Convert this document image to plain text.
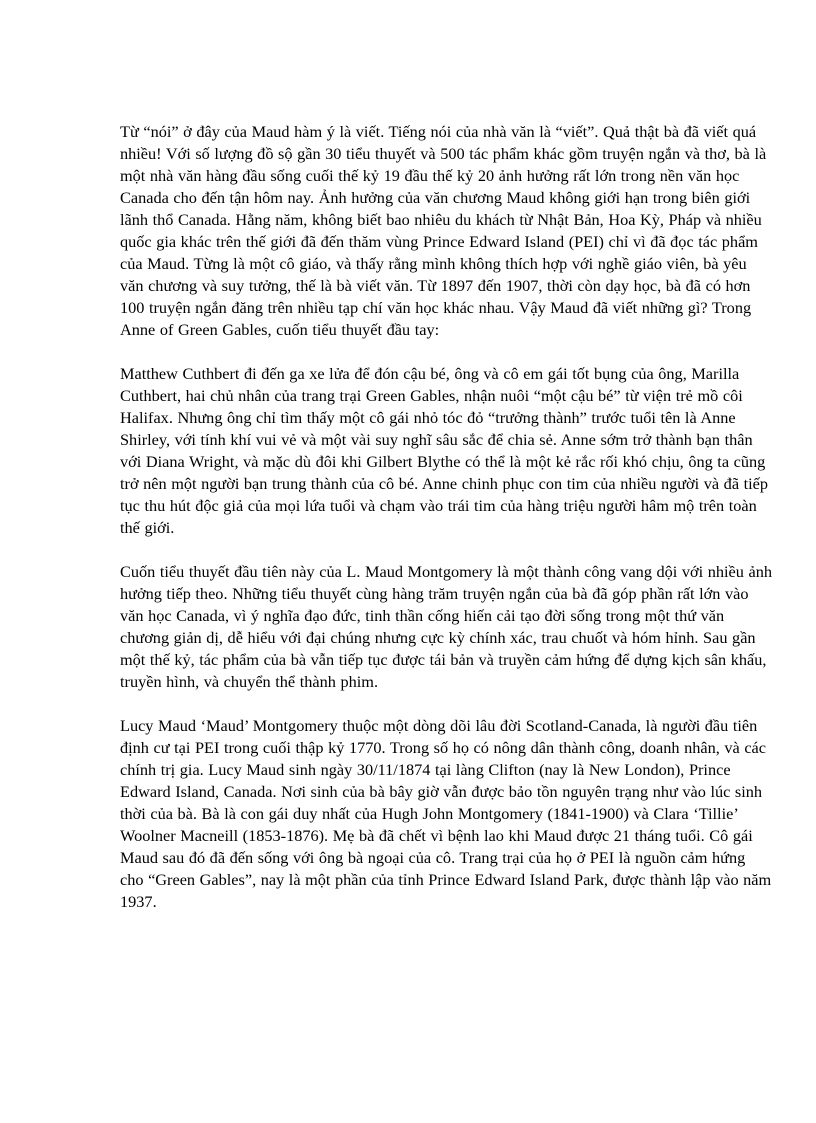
Từ “nói” ở đây của Maud hàm ý là viết. Tiếng nói của nhà văn là “viết”. Quả thật bà đã viết quá nhiều! Với số lượng đồ sộ gần 30 tiểu thuyết và 500 tác phẩm khác gồm truyện ngắn và thơ, bà là một nhà văn hàng đầu sống cuối thế kỷ 19 đầu thế kỷ 20 ảnh hưởng rất lớn trong nền văn học Canada cho đến tận hôm nay. Ảnh hưởng của văn chương Maud không giới hạn trong biên giới lãnh thổ Canada. Hằng năm, không biết bao nhiêu du khách từ Nhật Bản, Hoa Kỳ, Pháp và nhiều quốc gia khác trên thế giới đã đến thăm vùng Prince Edward Island (PEI) chỉ vì đã đọc tác phẩm của Maud. Từng là một cô giáo, và thấy rằng mình không thích hợp với nghề giáo viên, bà yêu văn chương và suy tưởng, thế là bà viết văn. Từ 1897 đến 1907, thời còn dạy học, bà đã có hơn 100 truyện ngắn đăng trên nhiều tạp chí văn học khác nhau. Vậy Maud đã viết những gì? Trong Anne of Green Gables, cuốn tiểu thuyết đầu tay:

Matthew Cuthbert đi đến ga xe lửa để đón cậu bé, ông và cô em gái tốt bụng của ông, Marilla Cuthbert, hai chủ nhân của trang trại Green Gables, nhận nuôi “một cậu bé” từ viện trẻ mồ côi Halifax. Nhưng ông chỉ tìm thấy một cô gái nhỏ tóc đỏ “trưởng thành” trước tuổi tên là Anne Shirley, với tính khí vui vẻ và một vài suy nghĩ sâu sắc để chia sẻ. Anne sớm trở thành bạn thân với Diana Wright, và mặc dù đôi khi Gilbert Blythe có thể là một kẻ rắc rối khó chịu, ông ta cũng trở nên một người bạn trung thành của cô bé. Anne chinh phục con tim của nhiều người và đã tiếp tục thu hút độc giả của mọi lứa tuổi và chạm vào trái tim của hàng triệu người hâm mộ trên toàn thế giới.

Cuốn tiểu thuyết đầu tiên này của L. Maud Montgomery là một thành công vang dội với nhiều ảnh hưởng tiếp theo. Những tiểu thuyết cùng hàng trăm truyện ngắn của bà đã góp phần rất lớn vào văn học Canada, vì ý nghĩa đạo đức, tinh thần cống hiến cải tạo đời sống trong một thứ văn chương giản dị, dễ hiểu với đại chúng nhưng cực kỳ chính xác, trau chuốt và hóm hỉnh. Sau gần một thế kỷ, tác phẩm của bà vẫn tiếp tục được tái bản và truyền cảm hứng để dựng kịch sân khấu, truyền hình, và chuyển thể thành phim.

Lucy Maud ‘Maud’ Montgomery thuộc một dòng dõi lâu đời Scotland-Canada, là người đầu tiên định cư tại PEI trong cuối thập kỷ 1770. Trong số họ có nông dân thành công, doanh nhân, và các chính trị gia. Lucy Maud sinh ngày 30/11/1874 tại làng Clifton (nay là New London), Prince Edward Island, Canada. Nơi sinh của bà bây giờ vẫn được bảo tồn nguyên trạng như vào lúc sinh thời của bà. Bà là con gái duy nhất của Hugh John Montgomery (1841-1900) và Clara ‘Tillie’ Woolner Macneill (1853-1876). Mẹ bà đã chết vì bệnh lao khi Maud được 21 tháng tuổi. Cô gái Maud sau đó đã đến sống với ông bà ngoại của cô. Trang trại của họ ở PEI là nguồn cảm hứng cho “Green Gables”, nay là một phần của tỉnh Prince Edward Island Park, được thành lập vào năm 1937.
